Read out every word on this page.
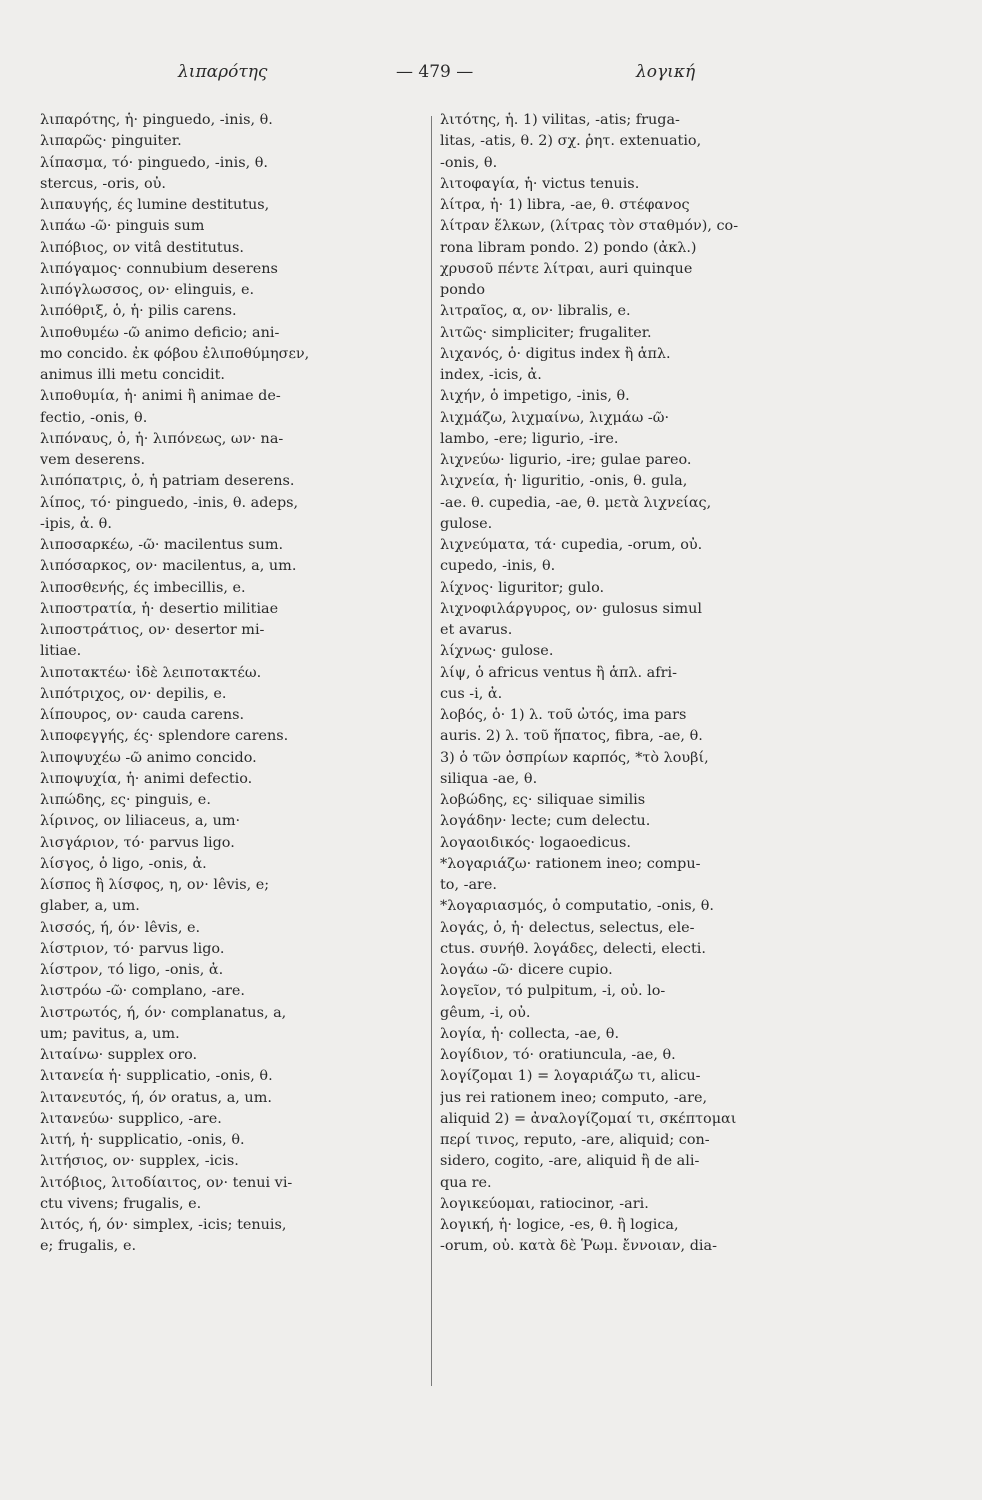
λιπαρότης	— 479 —	λογική
λιπαρότης, ἡ· pinguedo, -inis, θ.
λιπαρῶς· pinguiter.
λίπασμα, τό· pinguedo, -inis, θ.
stercus, -oris, οὐ.
λιπαυγής, ές lumine destitutus,
λιπάω -ῶ· pinguis sum
λιπόβιος, ον vitâ destitutus.
λιπόγαμος· connubium deserens
λιπόγλωσσος, ον· elinguis, e.
λιπόθριξ, ὁ, ἡ· pilis carens.
λιποθυμέω -ῶ animo deficio; ani-
mo concido. ἐκ φόβου ἐλιποθύμησεν,
animus illi metu concidit.
λιποθυμία, ἡ· animi ἢ animae de-
fectio, -onis, θ.
λιπόναυς, ὁ, ἡ· λιπόνεως, ων· na-
vem deserens.
λιπόπατρις, ὁ, ἡ patriam deserens.
λίπος, τό· pinguedo, -inis, θ. adeps,
-ipis, ἀ. θ.
λιποσαρκέω, -ῶ· macilentus sum.
λιπόσαρκος, ον· macilentus, a, um.
λιποσθενής, ές imbecillis, e.
λιποστρατία, ἡ· desertio militiae
λιποστράτιος, ον· desertor mi-
litiae.
λιποτακτέω· ἰδὲ λειποτακτέω.
λιπότριχος, ον· depilis, e.
λίπουρος, ον· cauda carens.
λιποφεγγής, ές· splendore carens.
λιποψυχέω -ῶ animo concido.
λιποψυχία, ἡ· animi defectio.
λιπώδης, ες· pinguis, e.
λίρινος, ον liliaceus, a, um·
λισγάριον, τό· parvus ligo.
λίσγος, ὁ ligo, -onis, ἀ.
λίσπος ἢ λίσφος, η, ον· lêvis, e;
glaber, a, um.
λισσός, ή, όν· lêvis, e.
λίστριον, τό· parvus ligo.
λίστρον, τό ligo, -onis, ἀ.
λιστρόω -ῶ· complano, -are.
λιστρωτός, ή, όν· complanatus, a,
um; pavitus, a, um.
λιταίνω· supplex oro.
λιτανεία ἡ· supplicatio, -onis, θ.
λιτανευτός, ή, όν oratus, a, um.
λιτανεύω· supplico, -are.
λιτή, ἡ· supplicatio, -onis, θ.
λιτήσιος, ον· supplex, -icis.
λιτόβιος, λιτοδίαιτος, ον· tenui vi-
ctu vivens; frugalis, e.
λιτός, ή, όν· simplex, -icis; tenuis,
e; frugalis, e.
λιτότης, ἡ. 1) vilitas, -atis; fruga-
litas, -atis, θ. 2) σχ. ῥητ. extenuatio,
-onis, θ.
λιτοφαγία, ἡ· victus tenuis.
λίτρα, ἡ· 1) libra, -ae, θ. στέφανος
λίτραν ἕλκων, (λίτρας τὸν σταθμόν), co-
rona libram pondo. 2) pondo (ἀκλ.)
χρυσοῦ πέντε λίτραι, auri quinque
pondo
λιτραῖος, α, ον· libralis, e.
λιτῶς· simpliciter; frugaliter.
λιχανός, ὁ· digitus index ἢ ἁπλ.
index, -icis, ἀ.
λιχήν, ὁ impetigo, -inis, θ.
λιχμάζω, λιχμαίνω, λιχμάω -ῶ·
lambo, -ere; ligurio, -ire.
λιχνεύω· ligurio, -ire; gulae pareo.
λιχνεία, ἡ· liguritio, -onis, θ. gula,
-ae. θ. cupedia, -ae, θ. μετὰ λιχνείας,
gulose.
λιχνεύματα, τά· cupedia, -orum, οὐ.
cupedo, -inis, θ.
λίχνος· liguritor; gulo.
λιχνοφιλάργυρος, ον· gulosus simul
et avarus.
λίχνως· gulose.
λίψ, ὁ africus ventus ἢ ἁπλ. afri-
cus -i, ἀ.
λοβός, ὁ· 1) λ. τοῦ ὠτός, ima pars
auris. 2) λ. τοῦ ἥπατος, fibra, -ae, θ.
3) ὁ τῶν ὀσπρίων καρπός, *τὸ λουβί,
siliqua -ae, θ.
λοβώδης, ες· siliquae similis
λογάδην· lecte; cum delectu.
λογαοιδικός· logaoedicus.
*λογαριάζω· rationem ineo; compu-
to, -are.
*λογαριασμός, ὁ computatio, -onis, θ.
λογάς, ὁ, ἡ· delectus, selectus, ele-
ctus. συνήθ. λογάδες, delecti, electi.
λογάω -ῶ· dicere cupio.
λογεῖον, τό pulpitum, -i, οὐ. lo-
gêum, -i, οὐ.
λογία, ἡ· collecta, -ae, θ.
λογίδιον, τό· oratiuncula, -ae, θ.
λογίζομαι 1) = λογαριάζω τι, alicu-
jus rei rationem ineo; computo, -are,
aliquid 2) = ἀναλογίζομαί τι, σκέπτομαι
περί τινος, reputo, -are, aliquid; con-
sidero, cogito, -are, aliquid ἢ de ali-
qua re.
λογικεύομαι, ratiocinor, -ari.
λογική, ἡ· logice, -es, θ. ἢ logica,
-orum, οὐ. κατὰ δὲ Ῥωμ. ἔννοιαν, dia-
